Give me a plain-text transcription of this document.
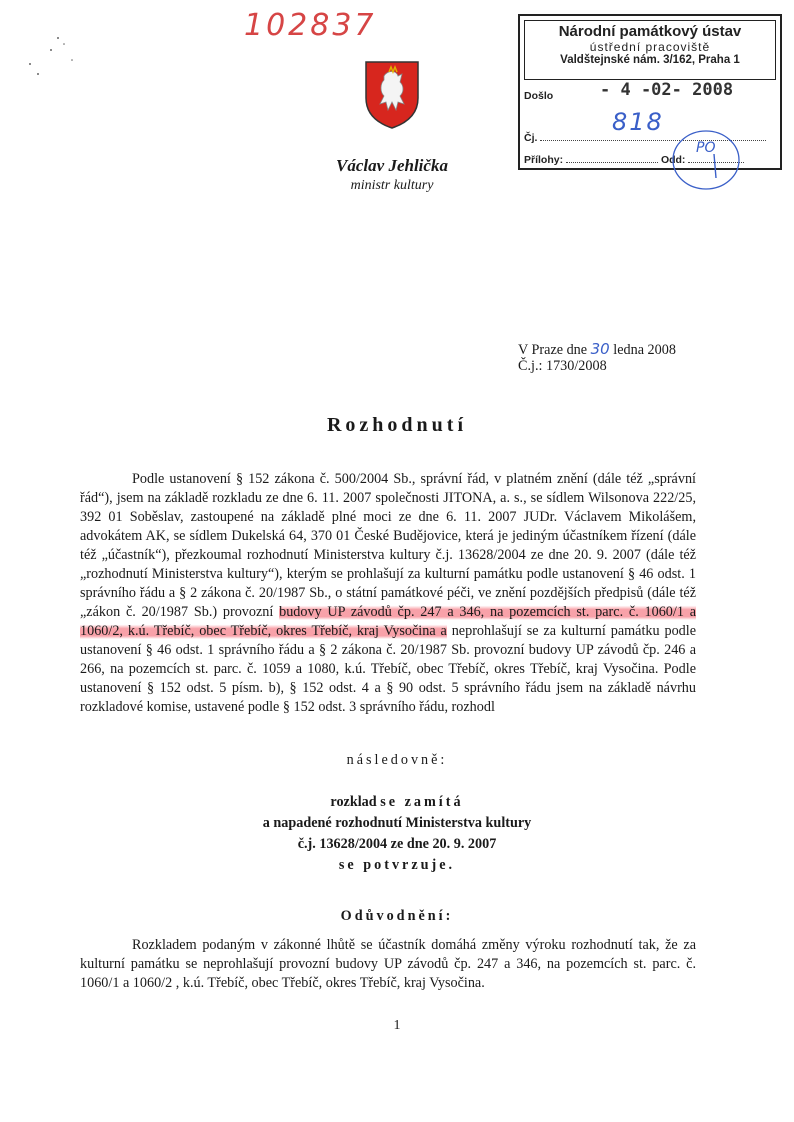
102837
Václav Jehlička
ministr kultury
Národní památkový ústav
ústřední pracoviště
Valdštejnské nám. 3/162, Praha 1
Došlo	- 4 -02- 2008
Čj.
818
Přílohy:	Odd:
PO
V Praze dne 30 ledna 2008
Č.j.: 1730/2008
Rozhodnutí

Podle ustanovení § 152 zákona č. 500/2004 Sb., správní řád, v platném znění (dále též „správní řád“), jsem na základě rozkladu ze dne 6. 11. 2007 společnosti JITONA, a. s., se sídlem Wilsonova 222/25, 392 01 Soběslav, zastoupené na základě plné moci ze dne 6. 11. 2007 JUDr. Václavem Mikolášem, advokátem AK, se sídlem Dukelská 64, 370 01 České Budějovice, která je jediným účastníkem řízení (dále též „účastník“), přezkoumal rozhodnutí Ministerstva kultury č.j. 13628/2004 ze dne 20. 9. 2007 (dále též „rozhodnutí Ministerstva kultury“), kterým se prohlašují za kulturní památku podle ustanovení § 46 odst. 1 správního řádu a § 2 zákona č. 20/1987 Sb., o státní památkové péči, ve znění pozdějších předpisů (dále též „zákon č. 20/1987 Sb.) provozní budovy UP závodů čp. 247 a 346, na pozemcích st. parc. č. 1060/1 a 1060/2, k.ú. Třebíč, obec Třebíč, okres Třebíč, kraj Vysočina a neprohlašují se za kulturní památku podle ustanovení § 46 odst. 1 správního řádu a § 2 zákona č. 20/1987 Sb. provozní budovy UP závodů čp. 246 a 266, na pozemcích st. parc. č. 1059 a 1080, k.ú. Třebíč, obec Třebíč, okres Třebíč, kraj Vysočina. Podle ustanovení § 152 odst. 5 písm. b), § 152 odst. 4 a § 90 odst. 5 správního řádu jsem na základě návrhu rozkladové komise, ustavené podle § 152 odst. 3 správního řádu, rozhodl

následovně:
rozklad se zamítá
a napadené rozhodnutí Ministerstva kultury
č.j. 13628/2004 ze dne 20. 9. 2007
se potvrzuje.
Odůvodnění:

Rozkladem podaným v zákonné lhůtě se účastník domáhá změny výroku rozhodnutí tak, že za kulturní památku se neprohlašují provozní budovy UP závodů čp. 247 a 346, na pozemcích st. parc. č. 1060/1 a 1060/2 , k.ú. Třebíč, obec Třebíč, okres Třebíč, kraj Vysočina.

1
